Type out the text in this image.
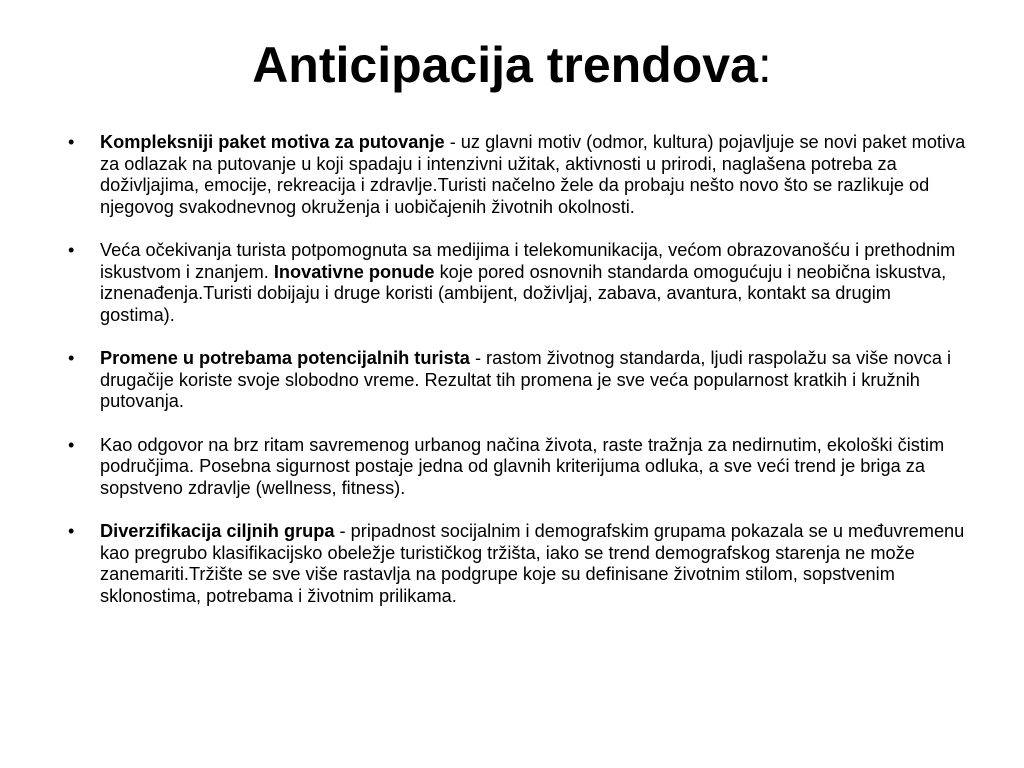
Anticipacija trendova:
• Kompleksniji paket motiva za putovanje - uz glavni motiv (odmor, kultura) pojavljuje se novi paket motiva za odlazak na putovanje u koji spadaju i intenzivni užitak, aktivnosti u prirodi, naglašena potreba za doživljajima, emocije, rekreacija i zdravlje.Turisti načelno žele da probaju nešto novo što se razlikuje od njegovog svakodnevnog okruženja i uobičajenih životnih okolnosti.
• Veća očekivanja turista potpomognuta sa medijima i telekomunikacija, većom obrazovanošću i prethodnim iskustvom i znanjem. Inovativne ponude koje pored osnovnih standarda omogućuju i neobična iskustva, iznenađenja.Turisti dobijaju i druge koristi (ambijent, doživljaj, zabava, avantura, kontakt sa drugim gostima).
• Promene u potrebama potencijalnih turista - rastom životnog standarda, ljudi raspolažu sa više novca i drugačije koriste svoje slobodno vreme. Rezultat tih promena je sve veća popularnost kratkih i kružnih putovanja.
• Kao odgovor na brz ritam savremenog urbanog načina života, raste tražnja za nedirnutim, ekološki čistim područjima. Posebna sigurnost postaje jedna od glavnih kriterijuma odluka, a sve veći trend je briga za sopstveno zdravlje (wellness, fitness).
• Diverzifikacija ciljnih grupa - pripadnost socijalnim i demografskim grupama pokazala se u međuvremenu kao pregrubo klasifikacijsko obeležje turističkog tržišta, iako se trend demografskog starenja ne može zanemariti.Tržište se sve više rastavlja na podgrupe koje su definisane životnim stilom, sopstvenim sklonostima, potrebama i životnim prilikama.
